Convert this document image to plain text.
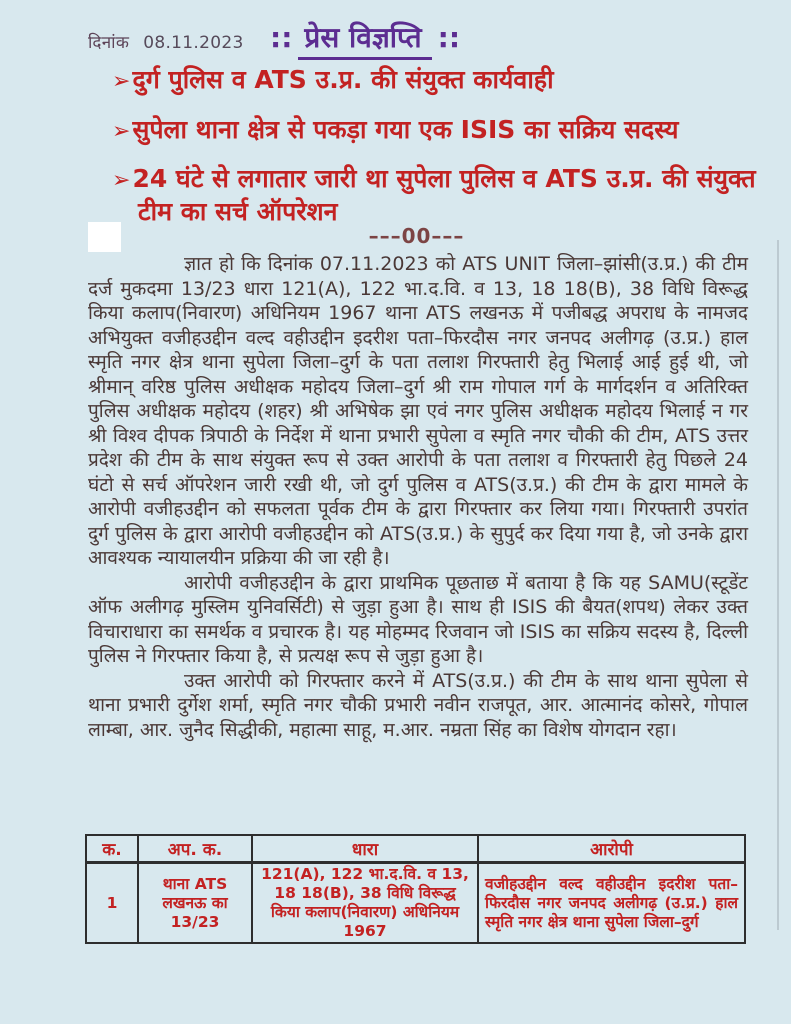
दिनांक 08.11.2023 :: प्रेस विज्ञप्ति ::
➢दुर्ग पुलिस व ATS उ.प्र. की संयुक्त कार्यवाही
➢सुपेला थाना क्षेत्र से पकड़ा गया एक ISIS का सक्रिय सदस्य
➢24 घंटे से लगातार जारी था सुपेला पुलिस व ATS उ.प्र. की संयुक्त टीम का सर्च ऑपरेशन
–––00–––

ज्ञात हो कि दिनांक 07.11.2023 को ATS UNIT जिला–झांसी(उ.प्र.) की टीम दर्ज मुकदमा 13/23 धारा 121(A), 122 भा.द.वि. व 13, 18 18(B), 38 विधि विरूद्ध किया कलाप(निवारण) अधिनियम 1967 थाना ATS लखनऊ में पजीबद्ध अपराध के नामजद अभियुक्त वजीहउद्दीन वल्द वहीउद्दीन इदरीश पता–फिरदौस नगर जनपद अलीगढ़ (उ.प्र.) हाल स्मृति नगर क्षेत्र थाना सुपेला जिला–दुर्ग के पता तलाश गिरफ्तारी हेतु भिलाई आई हुई थी, जो श्रीमान् वरिष्ठ पुलिस अधीक्षक महोदय जिला–दुर्ग श्री राम गोपाल गर्ग के मार्गदर्शन व अतिरिक्त पुलिस अधीक्षक महोदय (शहर) श्री अभिषेक झा एवं नगर पुलिस अधीक्षक महोदय भिलाई न गर श्री विश्व दीपक त्रिपाठी के निर्देश में थाना प्रभारी सुपेला व स्मृति नगर चौकी की टीम, ATS उत्तर प्रदेश की टीम के साथ संयुक्त रूप से उक्त आरोपी के पता तलाश व गिरफ्तारी हेतु पिछले 24 घंटो से सर्च ऑपरेशन जारी रखी थी, जो दुर्ग पुलिस व ATS(उ.प्र.) की टीम के द्वारा मामले के आरोपी वजीहउद्दीन को सफलता पूर्वक टीम के द्वारा गिरफ्तार कर लिया गया। गिरफ्तारी उपरांत दुर्ग पुलिस के द्वारा आरोपी वजीहउद्दीन को ATS(उ.प्र.) के सुपुर्द कर दिया गया है, जो उनके द्वारा आवश्यक न्यायालयीन प्रक्रिया की जा रही है।

आरोपी वजीहउद्दीन के द्वारा प्राथमिक पूछताछ में बताया है कि यह SAMU(स्टूडेंट ऑफ अलीगढ़ मुस्लिम युनिवर्सिटी) से जुड़ा हुआ है। साथ ही ISIS की बैयत(शपथ) लेकर उक्त विचाराधारा का समर्थक व प्रचारक है। यह मोहम्मद रिजवान जो ISIS का सक्रिय सदस्य है, दिल्ली पुलिस ने गिरफ्तार किया है, से प्रत्यक्ष रूप से जुड़ा हुआ है।

उक्त आरोपी को गिरफ्तार करने में ATS(उ.प्र.) की टीम के साथ थाना सुपेला से थाना प्रभारी दुर्गेश शर्मा, स्मृति नगर चौकी प्रभारी नवीन राजपूत, आर. आत्मानंद कोसरे, गोपाल लाम्बा, आर. जुनैद सिद्धीकी, महात्मा साहू, म.आर. नम्रता सिंह का विशेष योगदान रहा।

क.	अप. क.	धारा	आरोपी
1	थाना ATS लखनऊ का 13/23	121(A), 122 भा.द.वि. व 13, 18 18(B), 38 विधि विरूद्ध किया कलाप(निवारण) अधिनियम 1967	वजीहउद्दीन वल्द वहीउद्दीन इदरीश पता–फिरदौस नगर जनपद अलीगढ़ (उ.प्र.) हाल स्मृति नगर क्षेत्र थाना सुपेला जिला–दुर्ग
